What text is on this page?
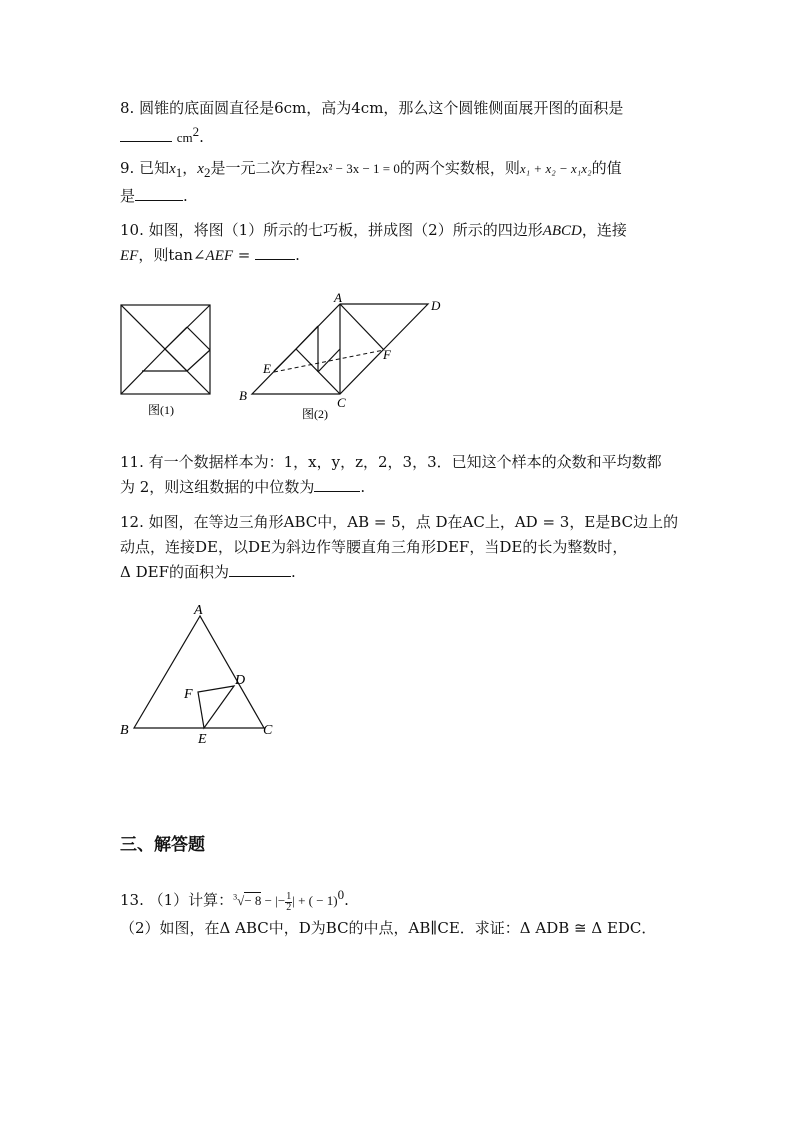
8. 圆锥的底面圆直径是6cm，高为4cm，那么这个圆锥侧面展开图的面积是
$cm^2$.
9. 已知$x_1$，$x_2$是一元二次方程2x² − 3x − 1 = 0的两个实数根，则x₁ + x₂ − x₁x₂的值
是	.
10. 如图，将图（1）所示的七巧板，拼成图（2）所示的四边形ABCD，连接
EF，则tan∠AEF =	.
图(1)
A
D
B	C
E
F
图(2)
11. 有一个数据样本为：1，x，y，z，2，3，3．已知这个样本的众数和平均数都
为 2，则这组数据的中位数为	.
12. 如图，在等边三角形ABC中，AB = 5，点 D在AC上，AD = 3，E是BC边上的
动点，连接DE，以DE为斜边作等腰直角三角形DEF，当DE的长为整数时，
Δ DEF的面积为	.
A
B	C
D
E
F
三、解答题
13. （1）计算：$^3$√− 8 − |− $\frac{1}{2}$ | + ( − 1)$^0$.
（2）如图，在Δ ABC中，D为BC的中点，AB∥CE．求证：Δ ADB ≅ Δ EDC．
